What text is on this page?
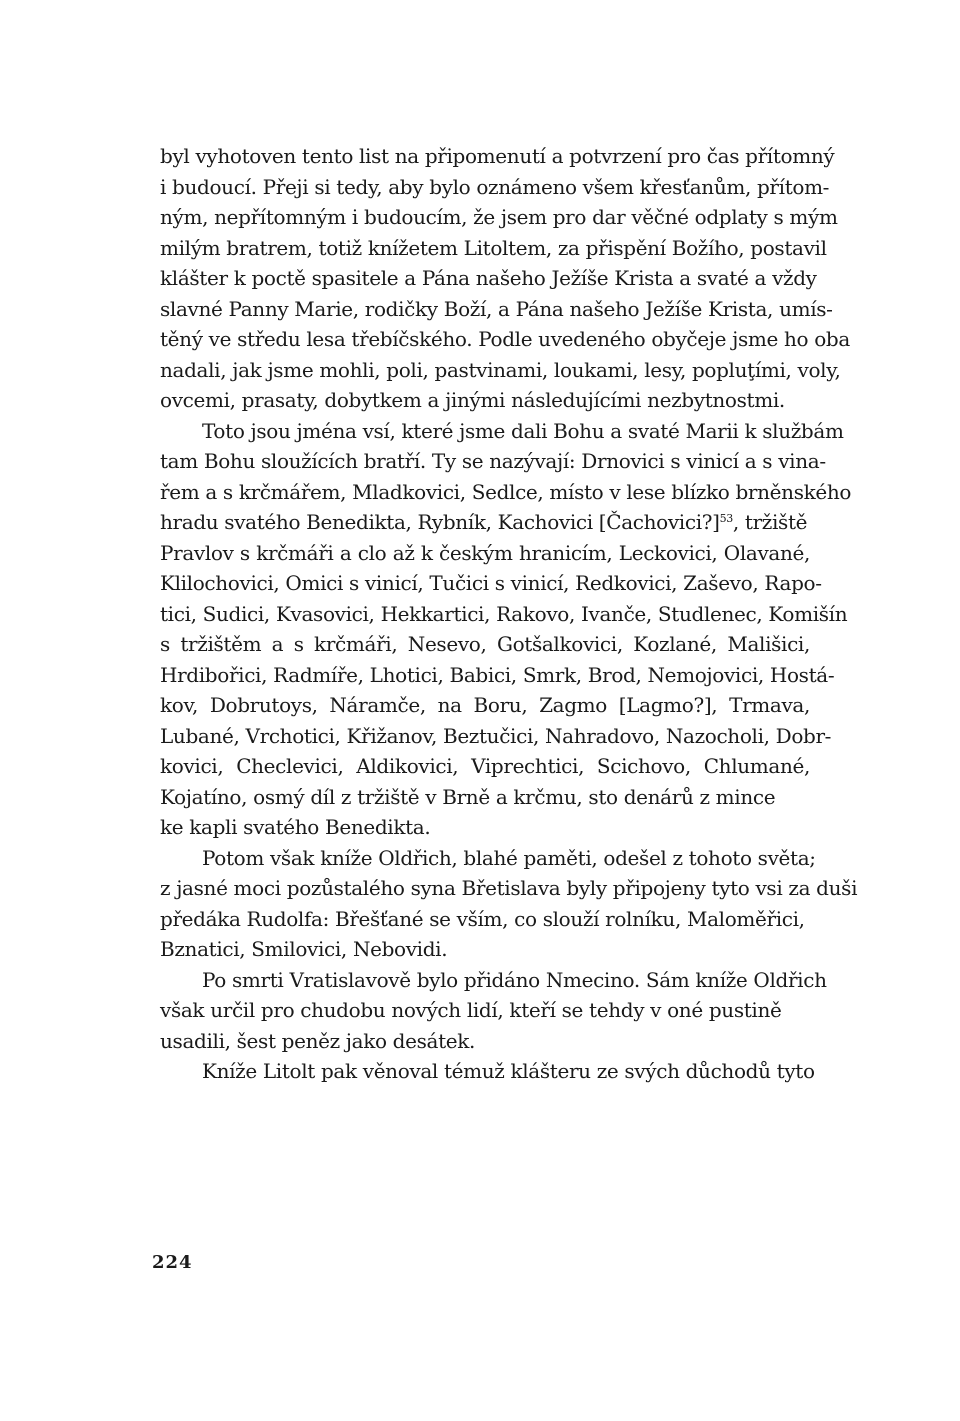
byl vyhotoven tento list na připomenutí a potvrzení pro čas přítomný
i budoucí. Přeji si tedy, aby bylo oznámeno všem křesťanům, přítom-
ným, nepřítomným i budoucím, že jsem pro dar věčné odplaty s mým
milým bratrem, totiž knížetem Litoltem, za přispění Božího, postavil
klášter k poctě spasitele a Pána našeho Ježíše Krista a svaté a vždy
slavné Panny Marie, rodičky Boží, a Pána našeho Ježíše Krista, umís-
těný ve středu lesa třebíčského. Podle uvedeného obyčeje jsme ho oba
nadali, jak jsme mohli, poli, pastvinami, loukami, lesy, popluţími, voly,
ovcemi, prasaty, dobytkem a jinými následujícími nezbytnostmi.
Toto jsou jména vsí, které jsme dali Bohu a svaté Marii k službám
tam Bohu sloužících bratří. Ty se nazývají: Drnovici s vinicí a s vina-
řem a s krčmářem, Mladkovici, Sedlce, místo v lese blízko brněnského
hradu svatého Benedikta, Rybník, Kachovici [Čachovici?]$^{53}$, tržiště
Pravlov s krčmáři a clo až k českým hranicím, Leckovici, Olavané,
Klilochovici, Omici s vinicí, Tučici s vinicí, Redkovici, Zaševo, Rapo-
tici, Sudici, Kvasovici, Hekkartici, Rakovo, Ivanče, Studlenec, Komišín
s tržištěm a s krčmáři, Nesevo, Gotšalkovici, Kozlané, Mališici,
Hrdibořici, Radmíře, Lhotici, Babici, Smrk, Brod, Nemojovici, Hostá-
kov, Dobrutoys, Náramče, na Boru, Zagmo [Lagmo?], Trmava,
Lubané, Vrchotici, Křižanov, Beztučici, Nahradovo, Nazocholi, Dobr-
kovici, Checlevici, Aldikovici, Viprechtici, Scichovo, Chlumané,
Kojatíno, osmý díl z tržiště v Brně a krčmu, sto denárů z mince
ke kapli svatého Benedikta.
Potom však kníže Oldřich, blahé paměti, odešel z tohoto světa;
z jasné moci pozůstalého syna Břetislava byly připojeny tyto vsi za duši
předáka Rudolfa: Břešťané se vším, co slouží rolníku, Maloměřici,
Bznatici, Smilovici, Nebovidi.
Po smrti Vratislavově bylo přidáno Nmecino. Sám kníže Oldřich
však určil pro chudobu nových lidí, kteří se tehdy v oné pustině
usadili, šest peněz jako desátek.
Kníže Litolt pak věnoval témuž klášteru ze svých důchodů tyto
224
